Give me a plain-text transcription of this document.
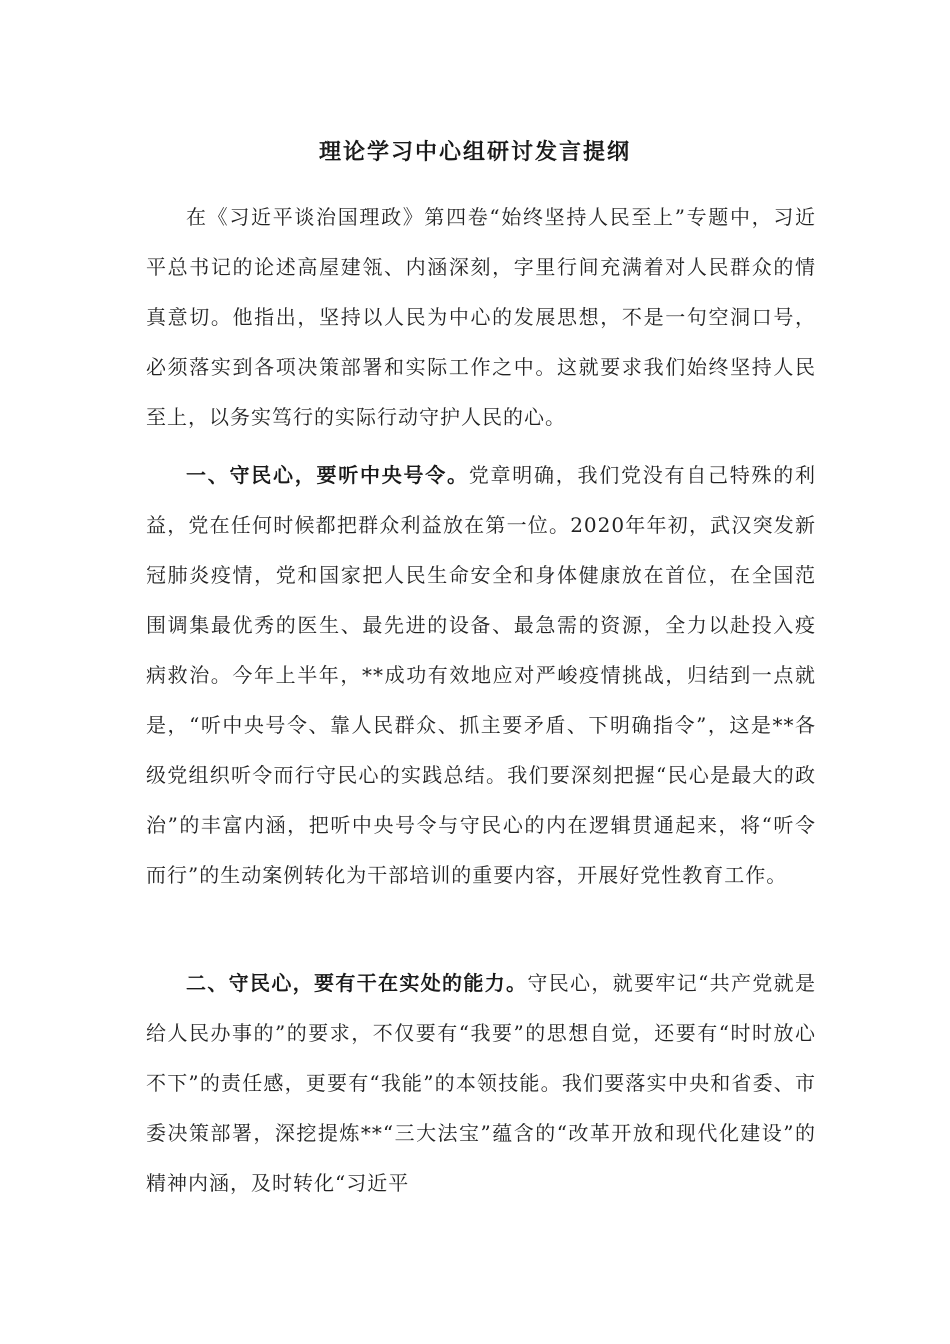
理论学习中心组研讨发言提纲

在《习近平谈治国理政》第四卷“始终坚持人民至上”专题中，习近平总书记的论述高屋建瓴、内涵深刻，字里行间充满着对人民群众的情真意切。他指出，坚持以人民为中心的发展思想，不是一句空洞口号，必须落实到各项决策部署和实际工作之中。这就要求我们始终坚持人民至上，以务实笃行的实际行动守护人民的心。

一、守民心，要听中央号令。党章明确，我们党没有自己特殊的利益，党在任何时候都把群众利益放在第一位。2020年年初，武汉突发新冠肺炎疫情，党和国家把人民生命安全和身体健康放在首位，在全国范围调集最优秀的医生、最先进的设备、最急需的资源，全力以赴投入疫病救治。今年上半年，**成功有效地应对严峻疫情挑战，归结到一点就是，“听中央号令、靠人民群众、抓主要矛盾、下明确指令”，这是**各级党组织听令而行守民心的实践总结。我们要深刻把握“民心是最大的政治”的丰富内涵，把听中央号令与守民心的内在逻辑贯通起来，将“听令而行”的生动案例转化为干部培训的重要内容，开展好党性教育工作。

二、守民心，要有干在实处的能力。守民心，就要牢记“共产党就是给人民办事的”的要求，不仅要有“我要”的思想自觉，还要有“时时放心不下”的责任感，更要有“我能”的本领技能。我们要落实中央和省委、市委决策部署，深挖提炼**“三大法宝”蕴含的“改革开放和现代化建设”的精神内涵，及时转化“习近平
